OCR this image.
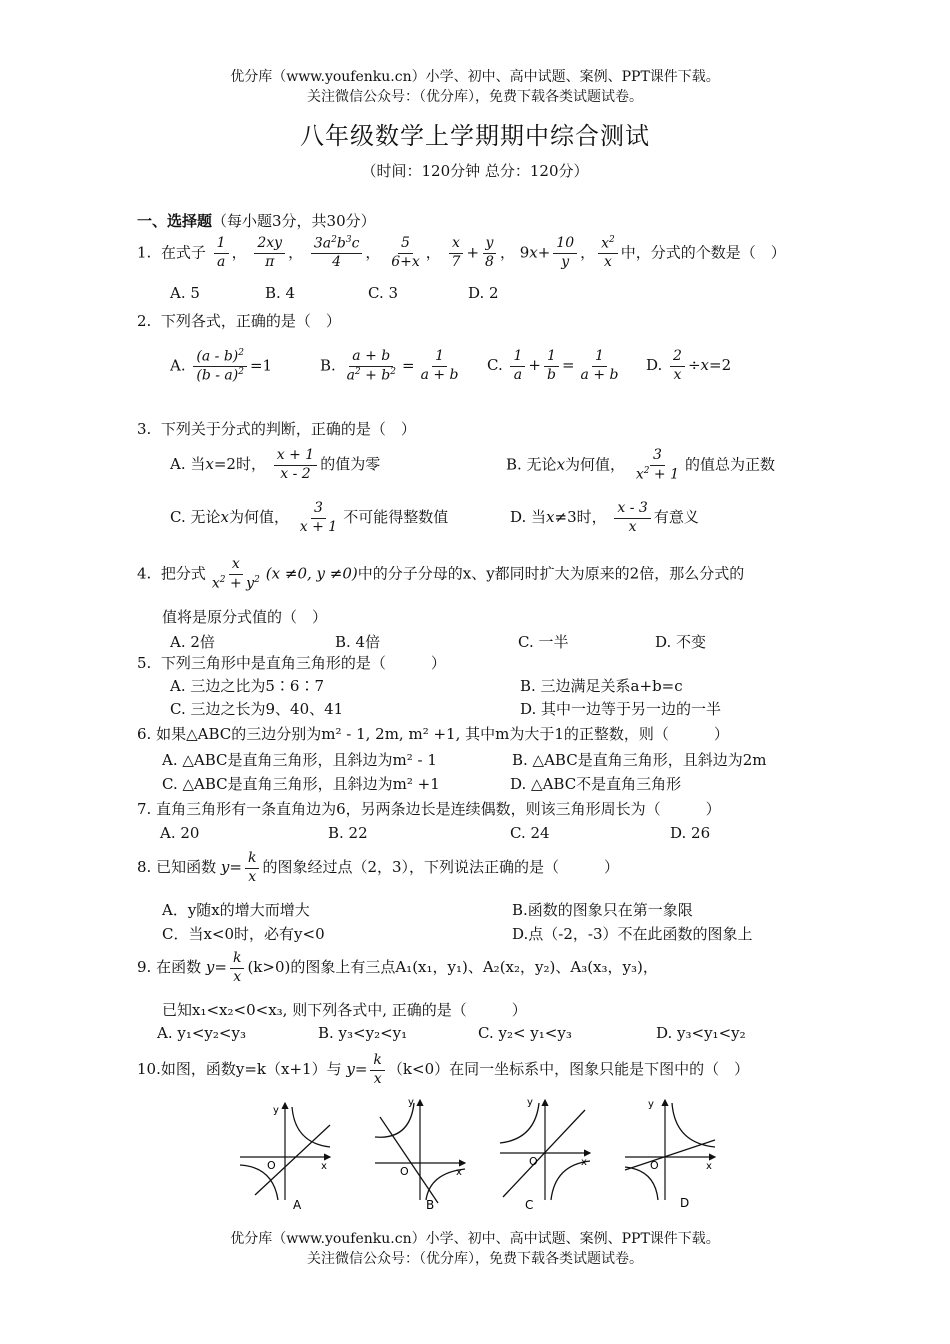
优分库（www.youfenku.cn）小学、初中、高中试题、案例、PPT课件下载。
关注微信公众号：（优分库），免费下载各类试题试卷。
八年级数学上学期期中综合测试
（时间：120分钟 总分：120分）
一、选择题（每小题3分，共30分）
1. 在式子 $\frac{1}{a}$ ， $\frac{2xy}{\pi}$ ， $\frac{3a^2b^3c}{4}$ ， $\frac{5}{6+x}$ ， $\frac{x}{7} + \frac{y}{8}$ ， $9x+ \frac{10}{y}$ ， $\frac{x^2}{x}$ 中，分式的个数是（　）
A. 5	B. 4	C. 3	D. 2
2. 下列各式，正确的是（　）
A. $\frac{(a - b)^2}{(b - a)^2} =1$	B. $\frac{a + b}{a^2 + b^2} = \frac{1}{a + b} C$. $\frac{1}{a} + \frac{1}{b} = \frac{1}{a + b} D$. $\frac{2}{x} \div x=2$
3. 下列关于分式的判断，正确的是（　）
A. 当x=2时， $\frac{x + 1}{x - 2}$ 的值为零	B. 无论x为何值， $\frac{3}{x^2 + 1}$ 的值总为正数
C. 无论x为何值， $\frac{3}{x + 1}$ 不可能得整数值	D. 当x≠3时， $\frac{x - 3}{x}$ 有意义
4. 把分式 $\frac{x}{x^2 + y^2} (x \ne 0$, y ≠0)中的分子分母的x、y都同时扩大为原来的2倍，那么分式的
值将是原分式值的（　）
A. 2倍	B. 4倍	C. 一半	D. 不变
5. 下列三角形中是直角三角形的是（　　　）
A. 三边之比为5∶6∶7	B. 三边满足关系a+b=c
C. 三边之长为9、40、41	D. 其中一边等于另一边的一半
6. 如果△ABC的三边分别为m² - 1, 2m, m² +1, 其中m为大于1的正整数，则（　　　）
A. △ABC是直角三角形，且斜边为m² - 1	B. △ABC是直角三角形，且斜边为2m
C. △ABC是直角三角形，且斜边为m² +1	D. △ABC不是直角三角形
7. 直角三角形有一条直角边为6，另两条边长是连续偶数，则该三角形周长为（　　　）
A. 20	B. 22	C. 24	D. 26
8. 已知函数 $y= \frac{k}{x}$ 的图象经过点（2，3），下列说法正确的是（　　　）
A．y随x的增大而增大	B.函数的图象只在第一象限
C．当x<0时，必有y<0	D.点（-2，-3）不在此函数的图象上
9. 在函数 $y= \frac{k}{x} (k>0)$的图象上有三点A₁(x₁，y₁)、A₂(x₂，y₂)、A₃(x₃，y₃)，
已知x₁<x₂<0<x₃, 则下列各式中, 正确的是（　　　）
A. y₁<y₂<y₃	B. y₃<y₂<y₁	C. y₂< y₁<y₃	D. y₃<y₁<y₂
10.如图，函数y=k（x+1）与 $y= \frac{k}{x} (k<0)$在同一坐标系中，图象只能是下图中的（　）
O
y
x
A
O
y
x
B
O
y
x
C
O
y
x
D
优分库（www.youfenku.cn）小学、初中、高中试题、案例、PPT课件下载。
关注微信公众号：（优分库），免费下载各类试题试卷。
